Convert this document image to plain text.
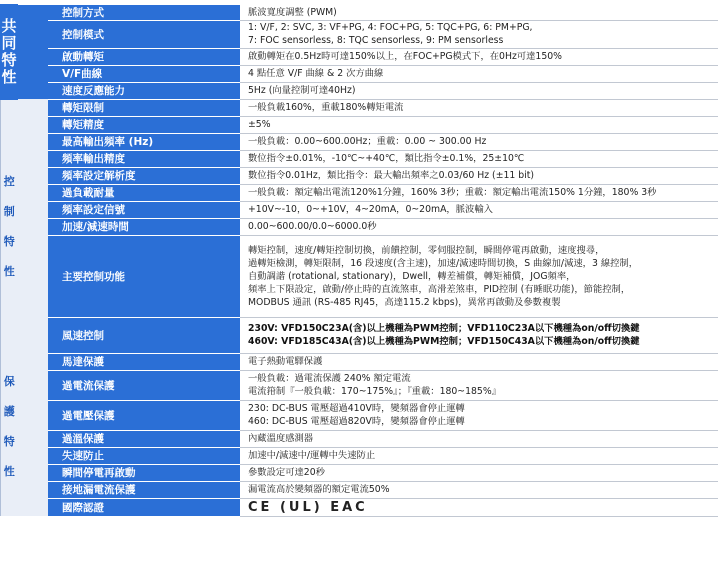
共
同
特
性		控制方式	脈波寬度調整 (PWM)

		控制模式	1: V/F, 2: SVC, 3: VF+PG, 4: FOC+PG, 5: TQC+PG, 6: PM+PG,
7: FOC sensorless, 8: TQC sensorless, 9: PM sensorless

		啟動轉矩	啟動轉矩在0.5Hz時可達150%以上，在FOC+PG模式下，在0Hz可達150%

		V/F曲線	4 點任意 V/F 曲線 & 2 次方曲線

		速度反應能力	5Hz (向量控制可達40Hz)

控
制
特
性		轉矩限制	一般負載160%，重載180%轉矩電流

		轉矩精度	±5%

		最高輸出頻率 (Hz)	一般負載：0.00~600.00Hz；重載：0.00 ~ 300.00 Hz

		頻率輸出精度	數位指令±0.01%，-10℃~+40℃，類比指令±0.1%，25±10℃

		頻率設定解析度	數位指令0.01Hz，類比指令：最大輸出頻率之0.03/60 Hz (±11 bit)

		過負載耐量	一般負載：額定輸出電流120%1分鐘，160% 3秒；重載：額定輸出電流150% 1分鐘，180% 3秒

		頻率設定信號	+10V~-10，0~+10V，4~20mA，0~20mA，脈波輸入

		加速/減速時間	0.00~600.00/0.0~6000.0秒

		主要控制功能	轉矩控制，速度/轉矩控制切換，前饋控制，零伺服控制，瞬間停電再啟動，速度搜尋，
過轉矩檢測，轉矩限制，16 段速度(含主速)，加速/減速時間切換，S 曲線加/減速，3 線控制，
自動調諧 (rotational, stationary)，Dwell，轉差補償，轉矩補償，JOG頻率，
頻率上下限設定，啟動/停止時的直流煞車，高滑差煞車，PID控制 (有睡眠功能)，節能控制，
MODBUS 通訊 (RS-485 RJ45，高達115.2 kbps)，異常再啟動及參數複製

		風速控制	230V: VFD150C23A(含)以上機種為PWM控制；VFD110C23A以下機種為on/off切換鍵
460V: VFD185C43A(含)以上機種為PWM控制；VFD150C43A以下機種為on/off切換鍵

保
護
特
性		馬達保護	電子熱動電驛保護

		過電流保護	一般負載：過電流保護 240% 額定電流
電流箝制『一般負載：170~175%』；『重載：180~185%』

		過電壓保護	230: DC-BUS 電壓超過410V時，變頻器會停止運轉
460: DC-BUS 電壓超過820V時，變頻器會停止運轉

		過溫保護	內藏溫度感測器

		失速防止	加速中/減速中/運轉中失速防止

		瞬間停電再啟動	參數設定可達20秒

		接地漏電流保護	漏電流高於變頻器的額定電流50%

		國際認證	CE (UL) EAC
